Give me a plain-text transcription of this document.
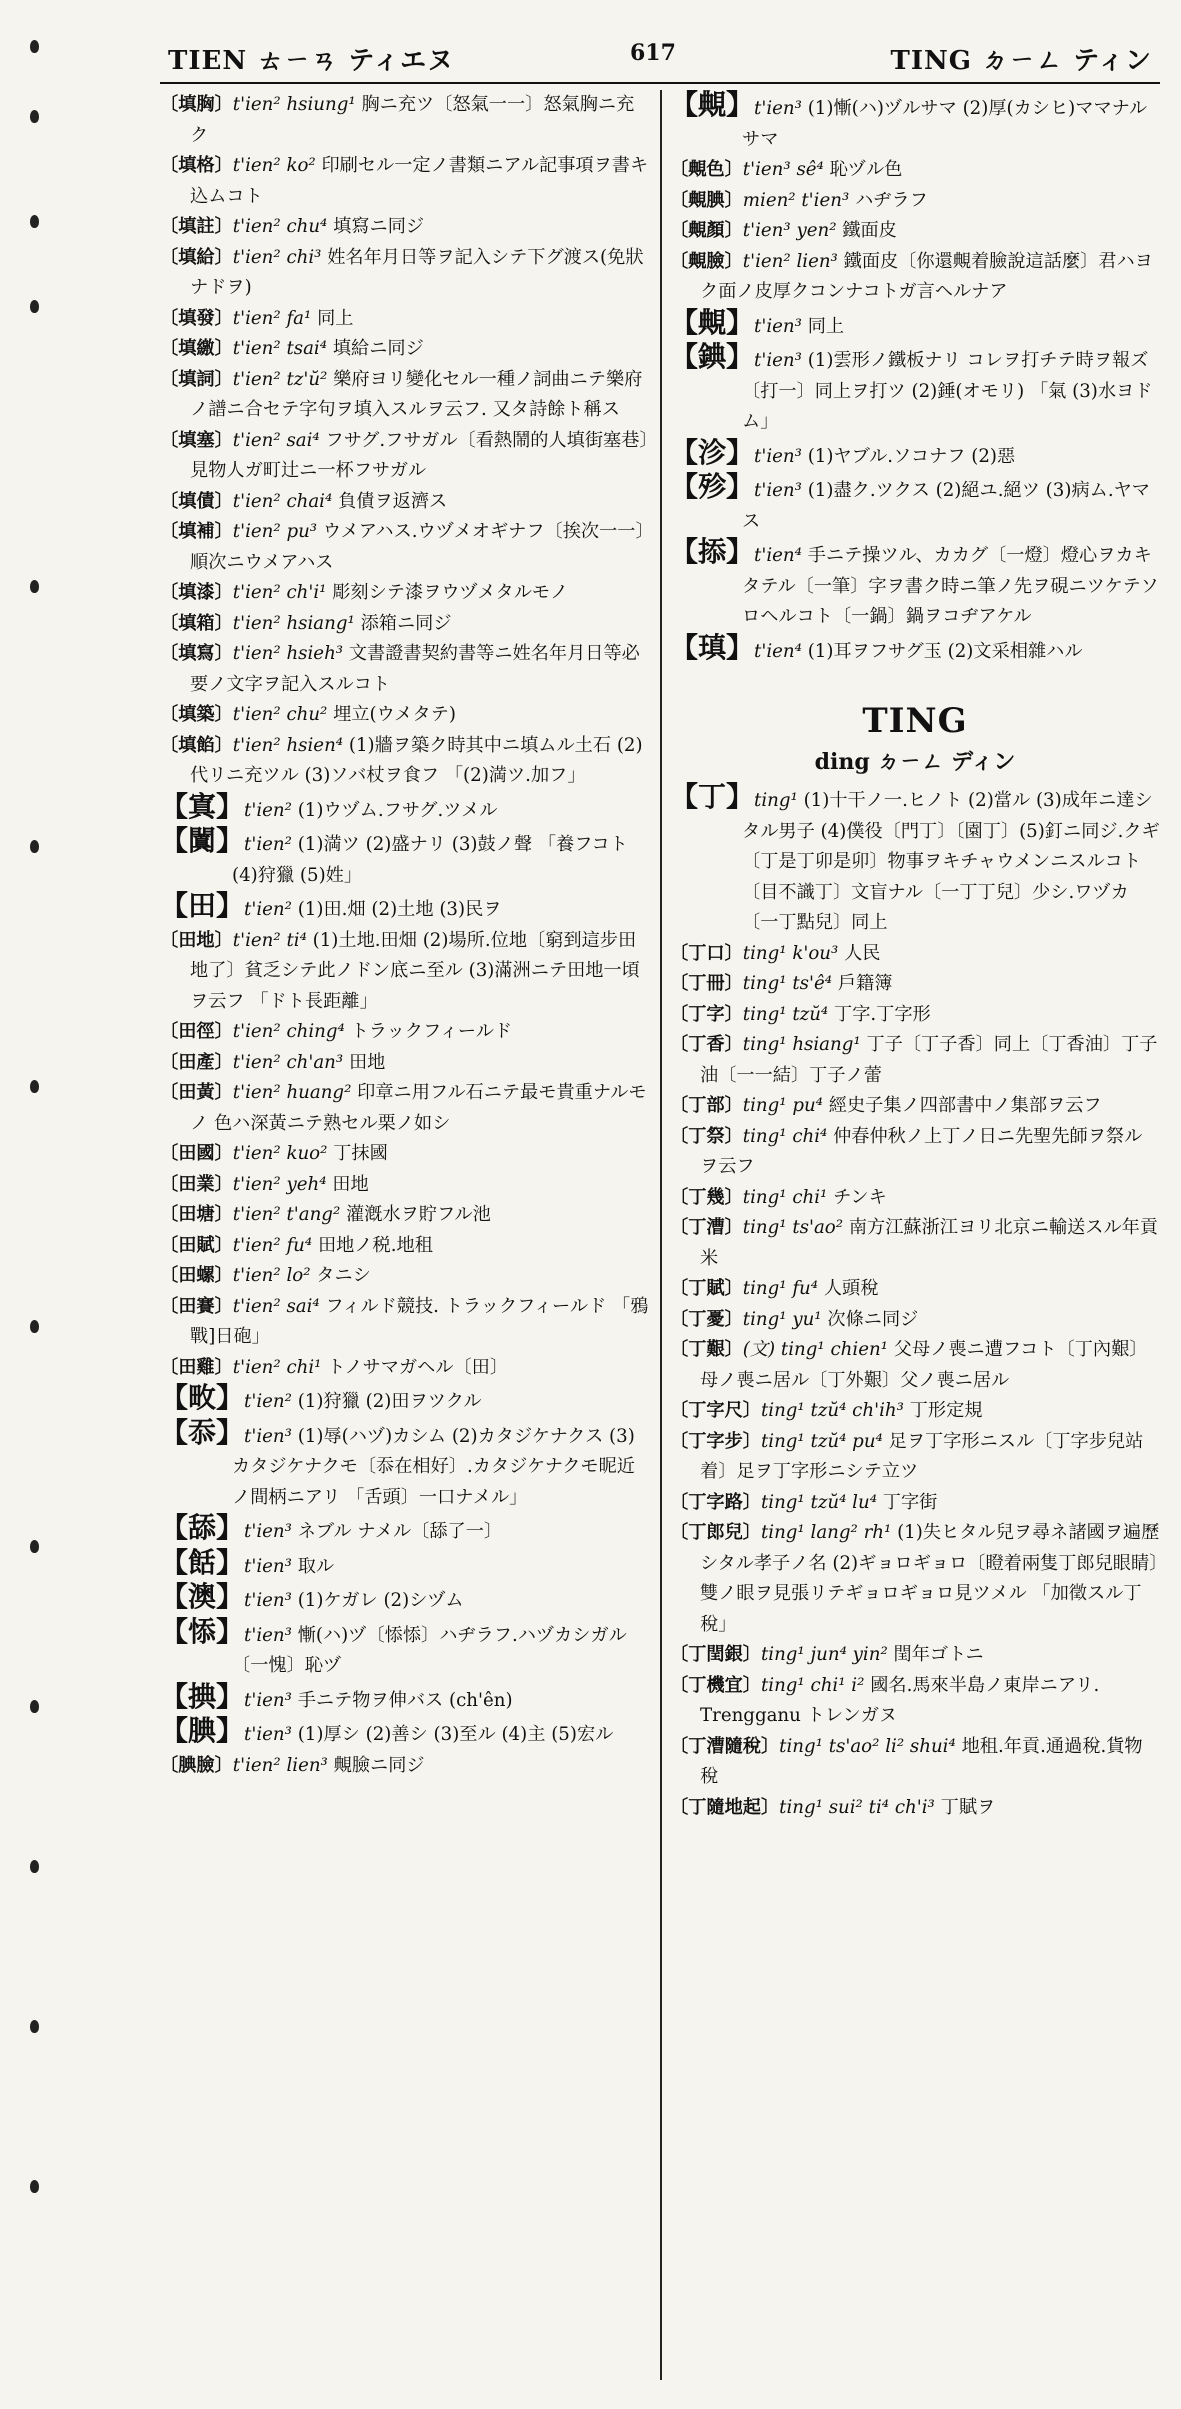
TIEN ㄊㄧㄢ ティエヌ	617	TING ㄉㄧㄥ ティン
〔填胸〕t'ien² hsiung¹ 胸ニ充ツ〔怒氣一一〕怒氣胸ニ充ク
〔填格〕t'ien² ko² 印刷セル一定ノ書類ニアル記事項ヲ書キ込ムコト
〔填註〕t'ien² chu⁴ 填寫ニ同ジ
〔填給〕t'ien² chi³ 姓名年月日等ヲ記入シテ下グ渡ス(免狀ナドヲ)
〔填發〕t'ien² fa¹ 同上
〔填繳〕t'ien² tsai⁴ 填給ニ同ジ
〔填詞〕t'ien² tz'ŭ² 樂府ヨリ變化セル一種ノ詞曲ニテ樂府ノ譜ニ合セテ字句ヲ填入スルヲ云フ. 又タ詩餘ト稱ス
〔填塞〕t'ien² sai⁴ フサグ.フサガル〔看熱鬧的人填街塞巷〕見物人ガ町辻ニ一杯フサガル
〔填債〕t'ien² chai⁴ 負債ヲ返濟ス
〔填補〕t'ien² pu³ ウメアハス.ウヅメオギナフ〔挨次一一〕順次ニウメアハス
〔填漆〕t'ien² ch'i¹ 彫刻シテ漆ヲウヅメタルモノ
〔填箱〕t'ien² hsiang¹ 添箱ニ同ジ
〔填寫〕t'ien² hsieh³ 文書證書契約書等ニ姓名年月日等必要ノ文字ヲ記入スルコト
〔填築〕t'ien² chu² 埋立(ウメタテ)
〔填餡〕t'ien² hsien⁴ (1)牆ヲ築ク時其中ニ填ムル土石 (2)代リニ充ツル (3)ソバ杖ヲ食フ 「(2)満ツ.加フ」
【寘】t'ien² (1)ウヅム.フサグ.ツメル
【闐】t'ien² (1)満ツ (2)盛ナリ (3)鼓ノ聲 「養フコト (4)狩獵 (5)姓」
【田】t'ien² (1)田.畑 (2)土地 (3)民ヲ
〔田地〕t'ien² ti⁴ (1)土地.田畑 (2)場所.位地〔窮到這步田地了〕貧乏シテ此ノドン底ニ至ル (3)滿洲ニテ田地一頃ヲ云フ 「ドト長距離」
〔田徑〕t'ien² ching⁴ トラックフィールド
〔田產〕t'ien² ch'an³ 田地
〔田黃〕t'ien² huang² 印章ニ用フル石ニテ最モ貴重ナルモノ 色ハ深黃ニテ熟セル栗ノ如シ
〔田國〕t'ien² kuo² 丁抹國
〔田業〕t'ien² yeh⁴ 田地
〔田塘〕t'ien² t'ang² 灌漑水ヲ貯フル池
〔田賦〕t'ien² fu⁴ 田地ノ税.地租
〔田螺〕t'ien² lo² タニシ
〔田賽〕t'ien² sai⁴ フィルド競技. トラックフィールド 「鴉戰]日砲」
〔田雞〕t'ien² chi¹ トノサマガヘル〔田〕
【畋】t'ien² (1)狩獵 (2)田ヲツクル
【忝】t'ien³ (1)辱(ハヅ)カシム (2)カタジケナクス (3)カタジケナクモ〔忝在相好〕.カタジケナクモ昵近ノ間柄ニアリ 「舌頭〕一口ナメル」
【舔】t'ien³ ネブル ナメル〔舔了一〕
【餂】t'ien³ 取ル
【澳】t'ien³ (1)ケガレ (2)シヅム
【悿】t'ien³ 慚(ハ)ヅ〔悿悿〕ハヂラフ.ハヅカシガル〔一愧〕恥ヅ
【捵】t'ien³ 手ニテ物ヲ伸バス (ch'ên)
【腆】t'ien³ (1)厚シ (2)善シ (3)至ル (4)主 (5)宏ル
〔腆臉〕t'ien² lien³ 覥臉ニ同ジ
【覥】t'ien³ (1)慚(ハ)ヅルサマ (2)厚(カシヒ)ママナルサマ
〔覥色〕t'ien³ sê⁴ 恥ヅル色
〔覥腆〕mien² t'ien³ ハヂラフ
〔覥顏〕t'ien³ yen² 鐵面皮
〔覥臉〕t'ien² lien³ 鐵面皮〔你還覥着臉說這話麼〕君ハヨク面ノ皮厚クコンナコトガ言ヘルナア
【覥】t'ien³ 同上
【錪】t'ien³ (1)雲形ノ鐵板ナリ コレヲ打チテ時ヲ報ズ〔打一〕同上ヲ打ツ (2)錘(オモリ) 「氣 (3)水ヨドム」
【沴】t'ien³ (1)ヤブル.ソコナフ (2)惡
【殄】t'ien³ (1)盡ク.ツクス (2)絕ユ.絕ツ (3)病ム.ヤマス
【掭】t'ien⁴ 手ニテ操ツル、カカグ〔一燈〕燈心ヲカキタテル〔一筆〕字ヲ書ク時ニ筆ノ先ヲ硯ニツケテソロヘルコト〔一鍋〕鍋ヲコヂアケル
【瑱】t'ien⁴ (1)耳ヲフサグ玉 (2)文采相雜ハル
TING
ding ㄉㄧㄥ ディン
【丁】ting¹ (1)十干ノ一.ヒノト (2)當ル (3)成年ニ達シタル男子 (4)僕役〔門丁〕〔園丁〕(5)釘ニ同ジ.クギ〔丁是丁卯是卯〕物事ヲキチャウメンニスルコト〔目不識丁〕文盲ナル〔一丁丁兒〕少シ.ワヅカ〔一丁點兒〕同上
〔丁口〕ting¹ k'ou³ 人民
〔丁冊〕ting¹ ts'ê⁴ 戶籍簿
〔丁字〕ting¹ tzŭ⁴ 丁字.丁字形
〔丁香〕ting¹ hsiang¹ 丁子〔丁子香〕同上〔丁香油〕丁子油〔一一結〕丁子ノ蕾
〔丁部〕ting¹ pu⁴ 經史子集ノ四部書中ノ集部ヲ云フ
〔丁祭〕ting¹ chi⁴ 仲春仲秋ノ上丁ノ日ニ先聖先師ヲ祭ルヲ云フ
〔丁幾〕ting¹ chi¹ チンキ
〔丁漕〕ting¹ ts'ao² 南方江蘇浙江ヨリ北京ニ輸送スル年貢米
〔丁賦〕ting¹ fu⁴ 人頭稅
〔丁憂〕ting¹ yu¹ 次條ニ同ジ
〔丁艱〕(文) ting¹ chien¹ 父母ノ喪ニ遭フコト〔丁內艱〕母ノ喪ニ居ル〔丁外艱〕父ノ喪ニ居ル
〔丁字尺〕ting¹ tzŭ⁴ ch'ih³ 丁形定規
〔丁字步〕ting¹ tzŭ⁴ pu⁴ 足ヲ丁字形ニスル〔丁字步兒站着〕足ヲ丁字形ニシテ立ツ
〔丁字路〕ting¹ tzŭ⁴ lu⁴ 丁字街
〔丁郎兒〕ting¹ lang² rh¹ (1)失ヒタル兒ヲ尋ネ諸國ヲ遍歷シタル孝子ノ名 (2)ギョロギョロ〔瞪着兩隻丁郎兒眼睛〕雙ノ眼ヲ見張リテギョロギョロ見ツメル 「加徵スル丁稅」
〔丁閏銀〕ting¹ jun⁴ yin² 閏年ゴトニ
〔丁機宜〕ting¹ chi¹ i² 國名.馬來半島ノ東岸ニアリ. Trengganu トレンガヌ
〔丁漕隨稅〕ting¹ ts'ao² li² shui⁴ 地租.年貢.通過稅.貨物稅
〔丁隨地起〕ting¹ sui² ti⁴ ch'i³ 丁賦ヲ
